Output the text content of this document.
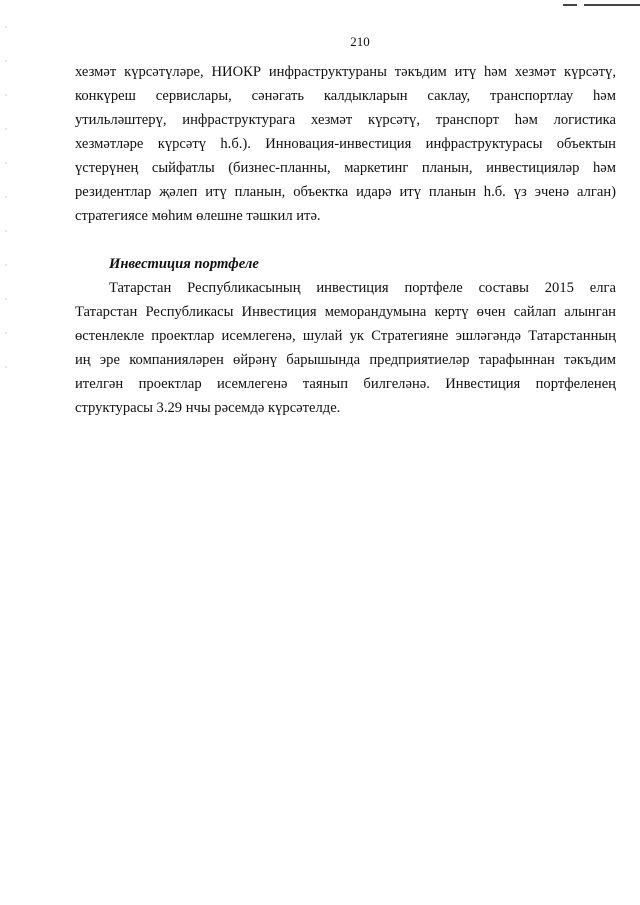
210
хезмәт күрсәтүләре, НИОКР инфраструктураны тәкъдим итү һәм хезмәт күрсәтү,
конкүреш сервислары, сәнәгать калдыкларын саклау, транспортлау һәм
утильләштерү, инфраструктурага хезмәт күрсәтү, транспорт һәм логистика
хезмәтләре күрсәтү һ.б.). Инновация-инвестиция инфраструктурасы объектын
үстерүнең сыйфатлы (бизнес-планны, маркетинг планын, инвестицияләр һәм
резидентлар җәлеп итү планын, объектка идарә итү планын һ.б. үз эченә алган)
стратегиясе мөһим өлешне тәшкил итә.
Инвестиция портфеле
Татарстан Республикасының инвестиция портфеле составы 2015 елга
Татарстан Республикасы Инвестиция меморандумына кертү өчен сайлап алынган
өстенлекле проектлар исемлегенә, шулай ук Стратегияне эшләгәндә Татарстанның
иң эре компанияләрен өйрәнү барышында предприятиеләр тарафыннан тәкъдим
ителгән проектлар исемлегенә таянып билгеләнә. Инвестиция портфеленең
структурасы 3.29 нчы рәсемдә күрсәтелде.
